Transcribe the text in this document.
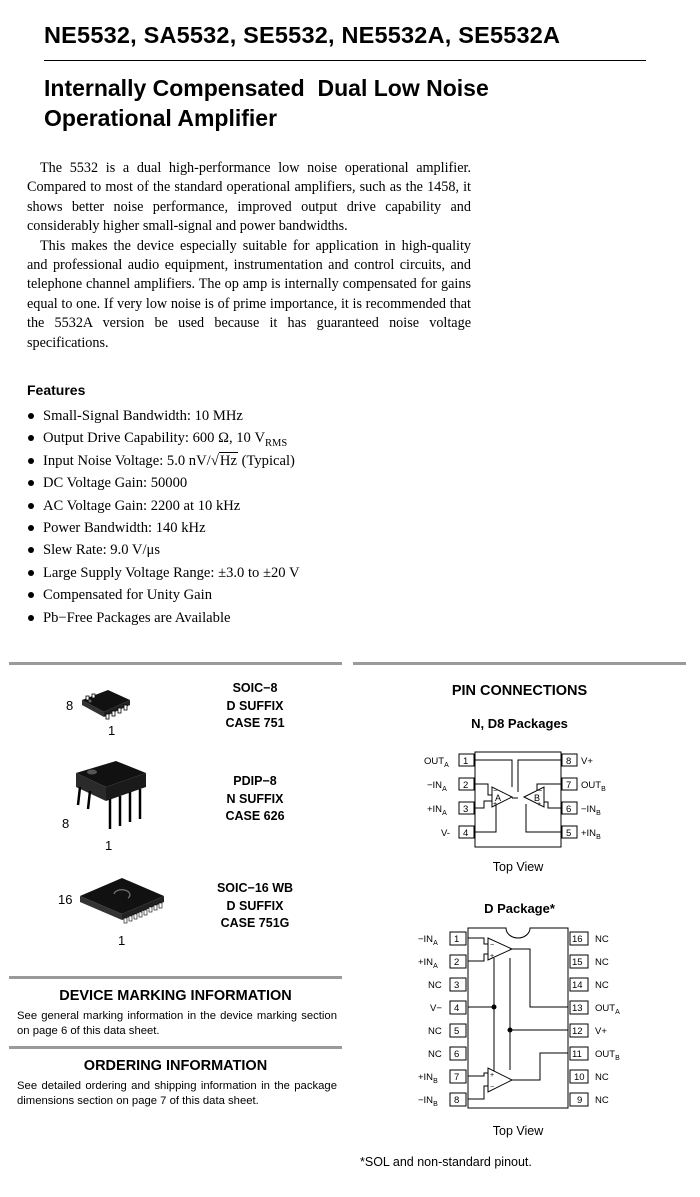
NE5532, SA5532, SE5532, NE5532A, SE5532A
Internally Compensated  Dual Low Noise
Operational Amplifier

The 5532 is a dual high-performance low noise operational amplifier. Compared to most of the standard operational amplifiers, such as the 1458, it shows better noise performance, improved output drive capability and considerably higher small-signal and power bandwidths.

This makes the device especially suitable for application in high-quality and professional audio equipment, instrumentation and control circuits, and telephone channel amplifiers. The op amp is internally compensated for gains equal to one. If very low noise is of prime importance, it is recommended that the 5532A version be used because it has guaranteed noise voltage specifications.

Features
Small-Signal Bandwidth: 10 MHz
Output Drive Capability: 600 Ω, 10 $V_{RMS}$
Input Noise Voltage: 5.0 nV/√Hz (Typical)
DC Voltage Gain: 50000
AC Voltage Gain: 2200 at 10 kHz
Power Bandwidth: 140 kHz
Slew Rate: 9.0 V/μs
Large Supply Voltage Range: ±3.0 to ±20 V
Compensated for Unity Gain
Pb−Free Packages are Available
8
1
SOIC−8
D SUFFIX
CASE 751
8
1
PDIP−8
N SUFFIX
CASE 626
16
1
SOIC−16 WB
D SUFFIX
CASE 751G
DEVICE MARKING INFORMATION
See general marking information in the device marking section on page 6 of this data sheet.
ORDERING INFORMATION
See detailed ordering and shipping information in the package dimensions section on page 7 of this data sheet.
PIN CONNECTIONS
N, D8 Packages
1
2
3
4
8
7
6
5
$OUT_A$
$-IN_A$
$+IN_A$
V-
V+
$OUT_B$
$-IN_B$
$+IN_B$
A
−
+
B
−
+
Top View
D Package*
1
2
3
4
5
6
7
8
16
15
14
13
12
11
10
9
$-IN_A$
$+IN_A$
NC
V−
NC
NC
$+IN_B$
$-IN_B$
NC
NC
NC
$OUT_A$
V+
$OUT_B$
NC
NC
−
+
+
−
Top View
*SOL and non-standard pinout.
